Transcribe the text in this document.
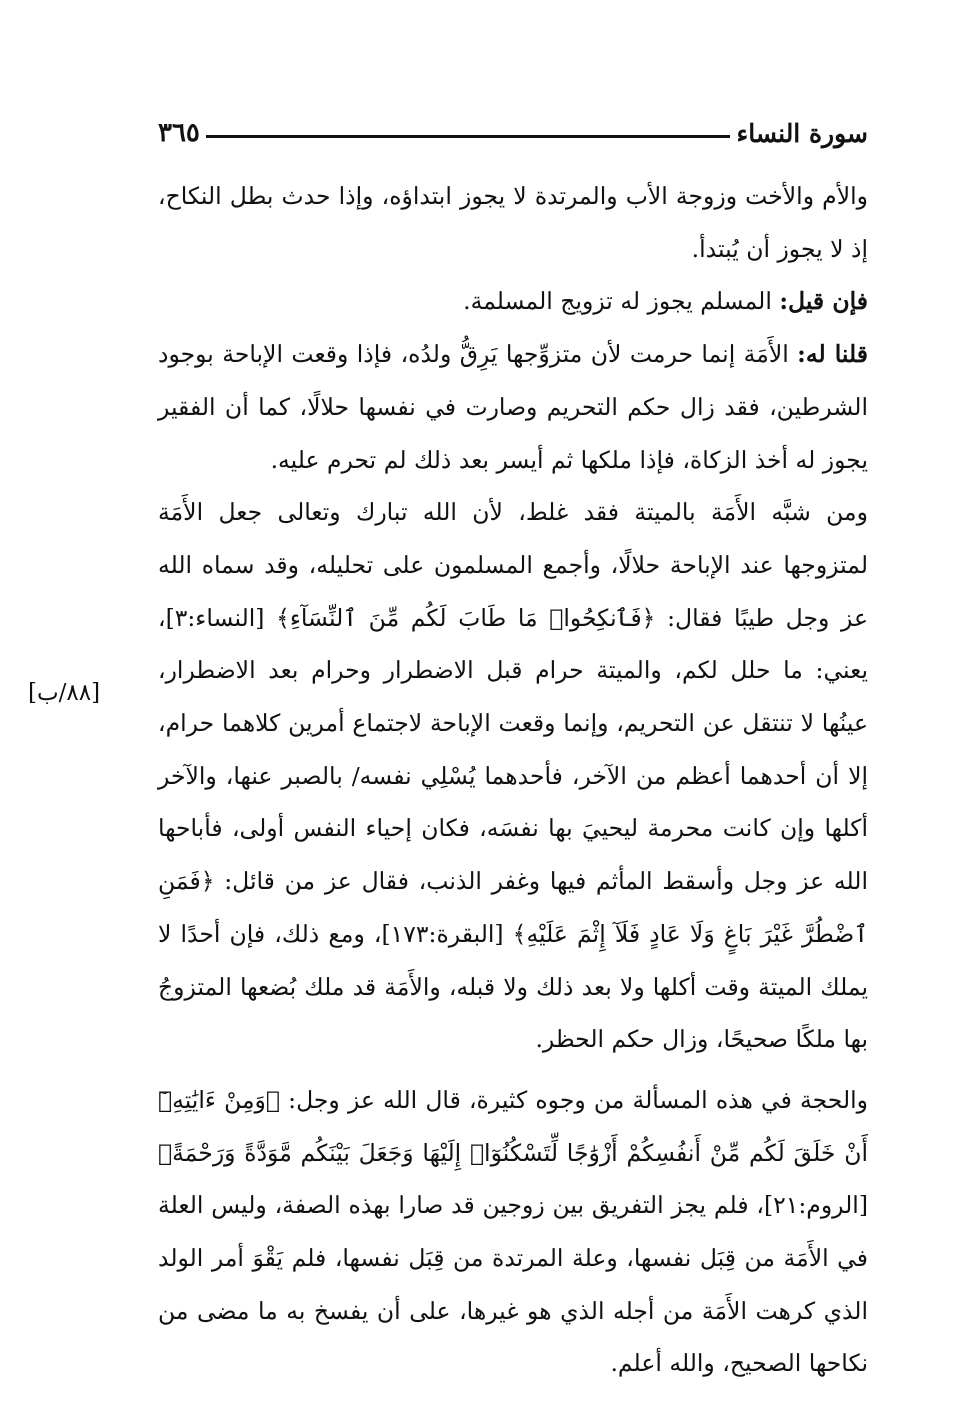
سورة النساء
٣٦٥
[٨٨/ب]

والأم والأخت وزوجة الأب والمرتدة لا يجوز ابتداؤه، وإذا حدث بطل النكاح، إذ لا يجوز أن يُبتدأ.

فإن قيل: المسلم يجوز له تزويج المسلمة.

قلنا له: الأَمَة إنما حرمت لأن متزوِّجها يَرِقُّ ولدُه، فإذا وقعت الإباحة بوجود الشرطين، فقد زال حكم التحريم وصارت في نفسها حلالًا، كما أن الفقير يجوز له أخذ الزكاة، فإذا ملكها ثم أيسر بعد ذلك لم تحرم عليه.

ومن شبَّه الأَمَة بالميتة فقد غلط، لأن الله تبارك وتعالى جعل الأَمَة لمتزوجها عند الإباحة حلالًا، وأجمع المسلمون على تحليله، وقد سماه الله عز وجل طيبًا فقال: ﴿فَٱنكِحُوا۟ مَا طَابَ لَكُم مِّنَ ٱلنِّسَآءِ﴾ [النساء:٣]، يعني: ما حلل لكم، والميتة حرام قبل الاضطرار وحرام بعد الاضطرار، عينُها لا تنتقل عن التحريم، وإنما وقعت الإباحة لاجتماع أمرين كلاهما حرام، إلا أن أحدهما أعظم من الآخر، فأحدهما يُسْلِي نفسه/ بالصبر عنها، والآخر أكلها وإن كانت محرمة ليحييَ بها نفسَه، فكان إحياء النفس أولى، فأباحها الله عز وجل وأسقط المأثم فيها وغفر الذنب، فقال عز من قائل: ﴿فَمَنِ ٱضْطُرَّ غَيْرَ بَاغٍ وَلَا عَادٍ فَلَآ إِثْمَ عَلَيْهِ﴾ [البقرة:١٧٣]، ومع ذلك، فإن أحدًا لا يملك الميتة وقت أكلها ولا بعد ذلك ولا قبله، والأَمَة قد ملك بُضعها المتزوجُ بها ملكًا صحيحًا، وزال حكم الحظر.

والحجة في هذه المسألة من وجوه كثيرة، قال الله عز وجل: ﴿وَمِنْ ءَايَٰتِهِۦٓ أَنْ خَلَقَ لَكُم مِّنْ أَنفُسِكُمْ أَزْوَٰجًا لِّتَسْكُنُوٓا۟ إِلَيْهَا وَجَعَلَ بَيْنَكُم مَّوَدَّةً وَرَحْمَةً﴾ [الروم:٢١]، فلم يجز التفريق بين زوجين قد صارا بهذه الصفة، وليس العلة في الأَمَة من قِبَل نفسها، وعلة المرتدة من قِبَل نفسها، فلم يَقْوَ أمر الولد الذي كرهت الأَمَة من أجله الذي هو غيرها، على أن يفسخ به ما مضى من نكاحها الصحيح، والله أعلم.
